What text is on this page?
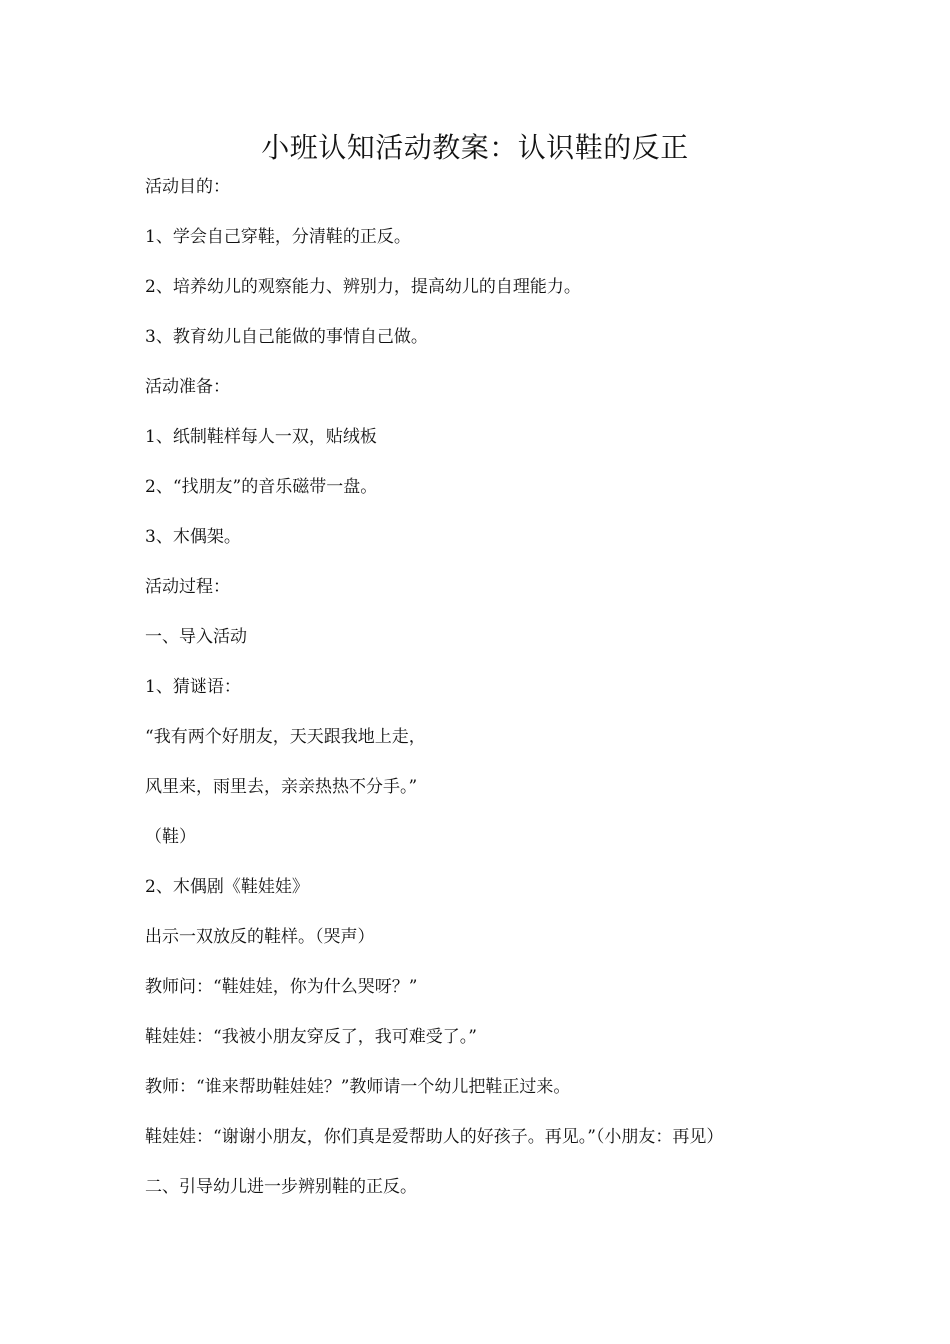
小班认知活动教案：认识鞋的反正
活动目的：
1、学会自己穿鞋，分清鞋的正反。
2、培养幼儿的观察能力、辨别力，提高幼儿的自理能力。
3、教育幼儿自己能做的事情自己做。
活动准备：
1、纸制鞋样每人一双，贴绒板
2、“找朋友”的音乐磁带一盘。
3、木偶架。
活动过程：
一、导入活动
1、猜谜语：
“我有两个好朋友，天天跟我地上走，
风里来，雨里去，亲亲热热不分手。”
（鞋）
2、木偶剧《鞋娃娃》
出示一双放反的鞋样。（哭声）
教师问：“鞋娃娃，你为什么哭呀？”
鞋娃娃：“我被小朋友穿反了，我可难受了。”
教师：“谁来帮助鞋娃娃？”教师请一个幼儿把鞋正过来。
鞋娃娃：“谢谢小朋友，你们真是爱帮助人的好孩子。再见。”（小朋友：再见）
二、引导幼儿进一步辨别鞋的正反。
